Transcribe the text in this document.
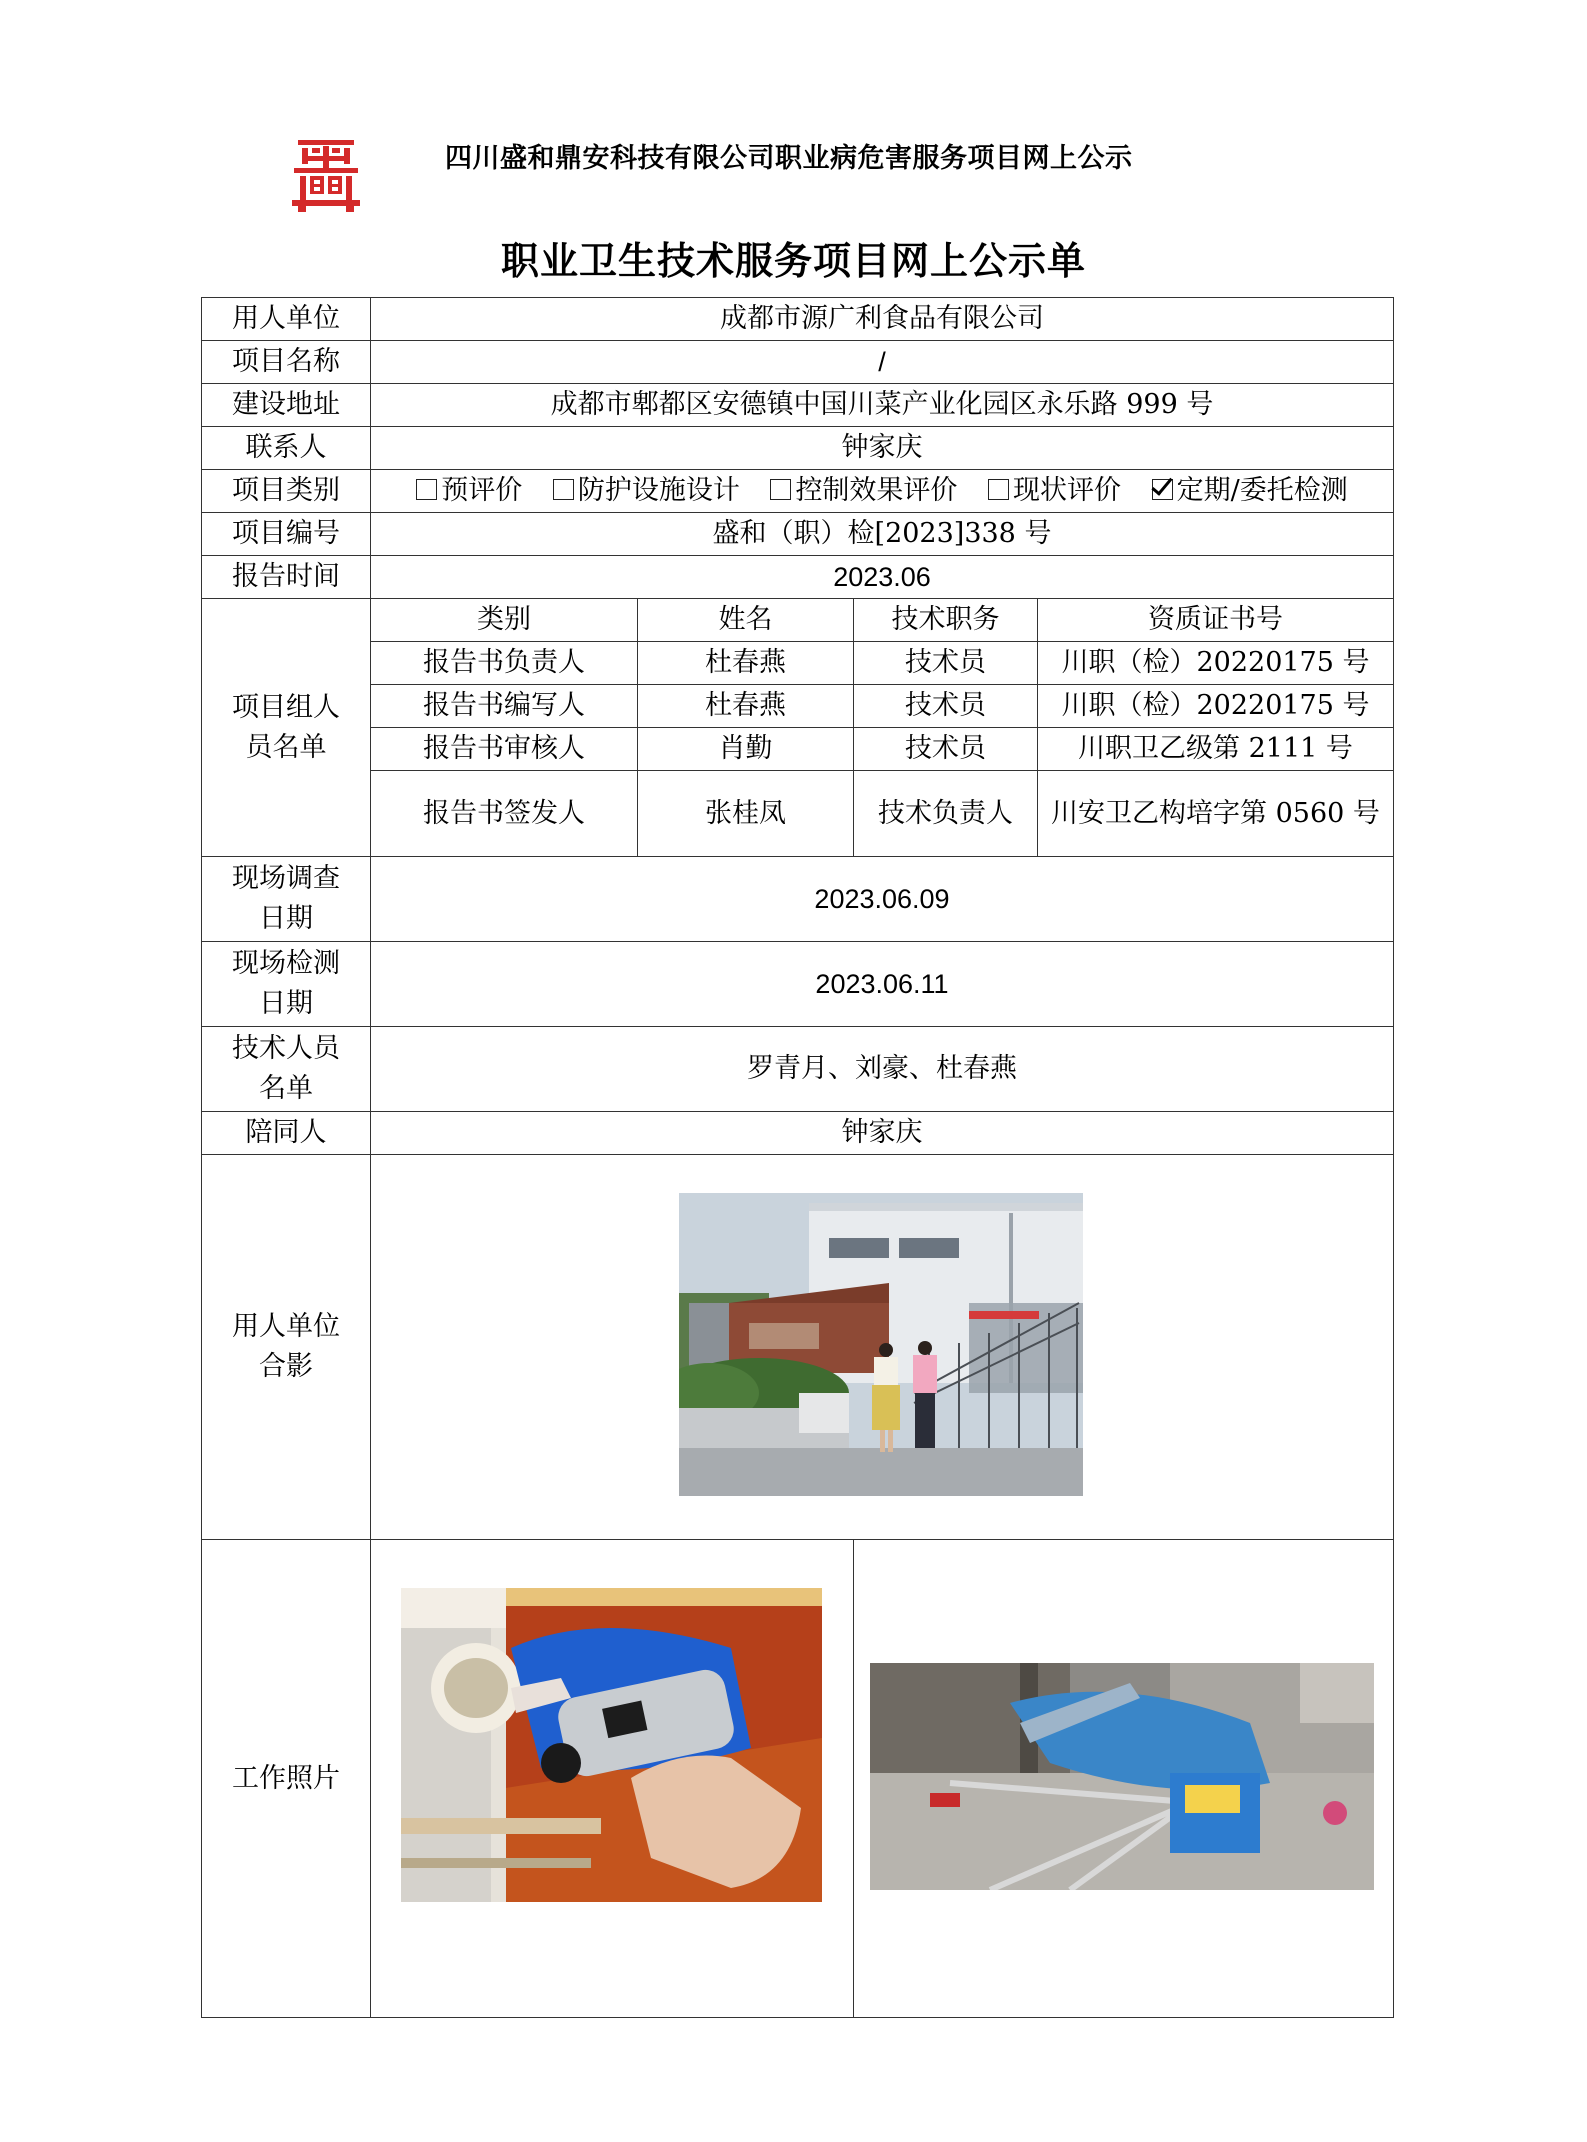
四川盛和鼎安科技有限公司职业病危害服务项目网上公示
职业卫生技术服务项目网上公示单
用人单位	成都市源广利食品有限公司			
项目名称	/			
建设地址	成都市郫都区安德镇中国川菜产业化园区永乐路 999 号			
联系人	钟家庆			
项目类别	预评价 防护设施设计 控制效果评价 现状评价 定期/委托检测			
项目编号	盛和（职）检[2023]338 号			
报告时间	2023.06			

项目组人
员名单	类别	姓名	技术职务	资质证书号
	报告书负责人	杜春燕	技术员	川职（检）20220175 号
	报告书编写人	杜春燕	技术员	川职（检）20220175 号
	报告书审核人	肖勤	技术员	川职卫乙级第 2111 号
	报告书签发人	张桂凤	技术负责人	川安卫乙构培字第 0560 号

现场调查
日期	2023.06.09			

现场检测
日期	2023.06.11			

技术人员
名单	罗青月、刘豪、杜春燕			
陪同人	钟家庆			

用人单位
合影				

工作照片				
